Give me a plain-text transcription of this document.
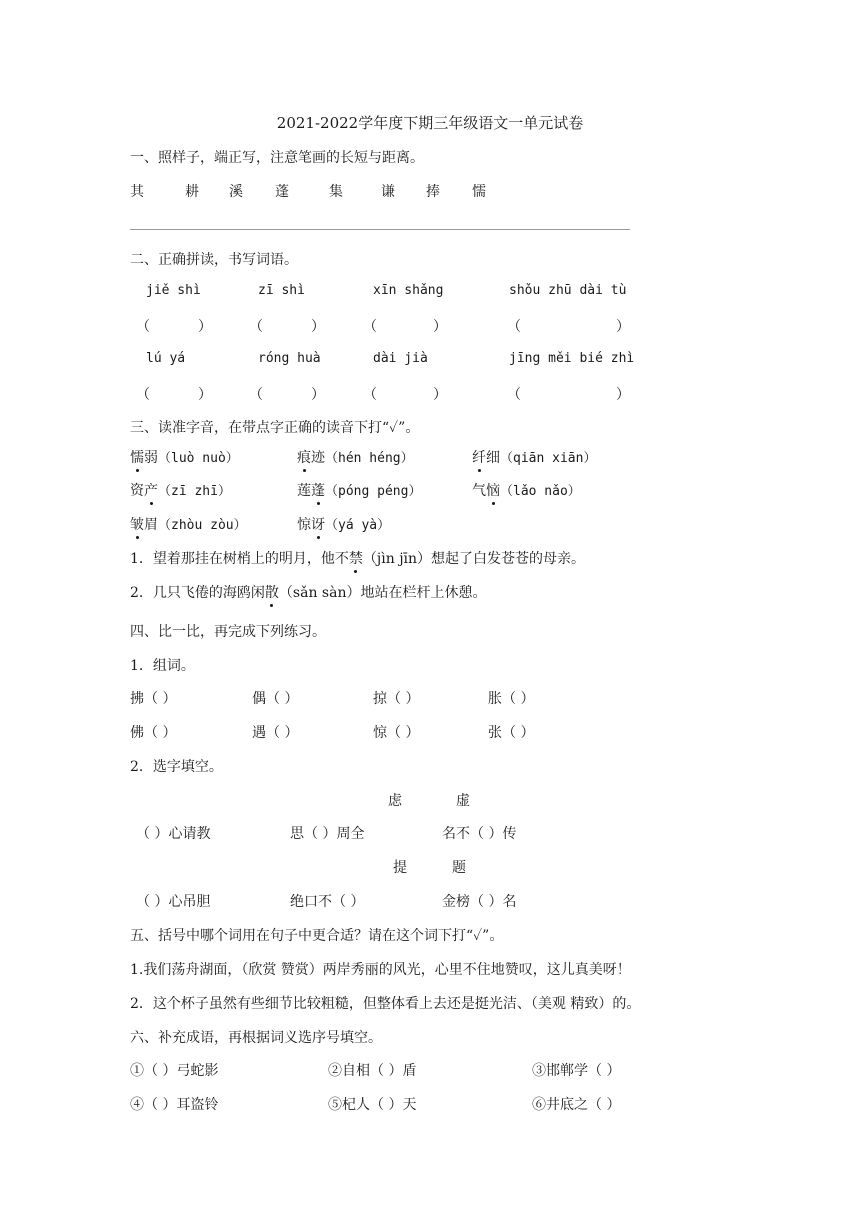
2021-2022学年度下期三年级语文一单元试卷
一、照样子，端正写，注意笔画的长短与距离。
其	耕 溪 蓬	集	谦 捧 懦
二、正确拼读，书写词语。
jiě shì	zī shì	xīn shǎng	shǒu zhū dài tù
（	）	（	）	（	）	（	）
lú yá	róng huà	dài jià	jīng měi bié zhì
（	）	（	）	（	）	（	）
三、读准字音，在带点字正确的读音下打“✓”。
懦弱（luò nuò）	痕迹（hén héng）	纤细（qiān xiān）
资产（zī zhī）	莲蓬（póng péng）	气恼（lǎo nǎo）
皱眉（zhòu zòu）	惊讶（yá yà）
1．望着那挂在树梢上的明月，他不禁（jìn jīn）想起了白发苍苍的母亲。
2．几只飞倦的海鸥闲散（sǎn sàn）地站在栏杆上休憩。
四、比一比，再完成下列练习。
1．组词。
拂（ ）	偶（ ）	掠（ ）	胀（ ）
佛（ ）	遇（ ）	惊（ ）	张（ ）
2．选字填空。
虑	虚
（ ）心请教	思（ ）周全	名不（ ）传
提	题
（ ）心吊胆	绝口不（ ）	金榜（ ）名
五、括号中哪个词用在句子中更合适？请在这个词下打“✓”。
1.我们荡舟湖面，（欣赏 赞赏）两岸秀丽的风光，心里不住地赞叹，这儿真美呀！
2．这个杯子虽然有些细节比较粗糙，但整体看上去还是挺光洁、（美观 精致）的。
六、补充成语，再根据词义选序号填空。
①（ ）弓蛇影	②自相（ ）盾	③邯郸学（ ）
④（ ）耳盗铃	⑤杞人（ ）天	⑥井底之（ ）
